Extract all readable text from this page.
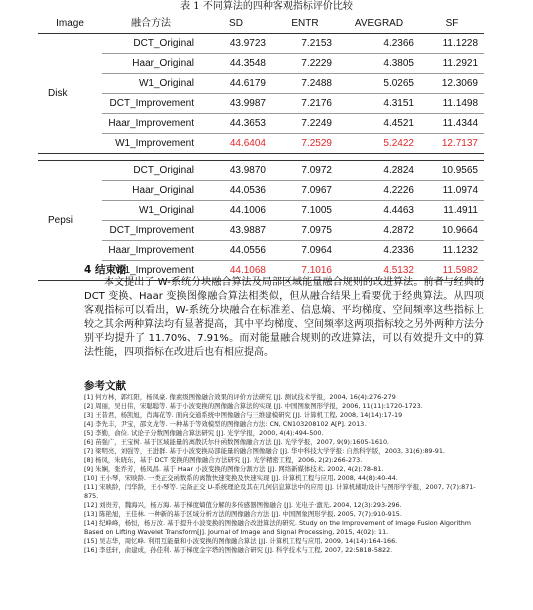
表 1 不同算法的四种客观指标评价比较
Image	融合方法	SD	ENTR	AVEGRAD	SF
Disk	DCT_Original	43.9723	7.2153	4.2366	11.1228
	Haar_Original	44.3548	7.2229	4.3805	11.2921
	W1_Original	44.6179	7.2488	5.0265	12.3069
	DCT_Improvement	43.9987	7.2176	4.3151	11.1498
	Haar_Improvement	44.3653	7.2249	4.4521	11.4344
	W1_Improvement	44.6404	7.2529	5.2422	12.7137

Pepsi	DCT_Original	43.9870	7.0972	4.2824	10.9565
	Haar_Original	44.0536	7.0967	4.2226	11.0974
	W1_Original	44.1006	7.1005	4.4463	11.4911
	DCT_Improvement	43.9887	7.0975	4.2872	10.9664
	Haar_Improvement	44.0556	7.0964	4.2336	11.1232
	W1_Improvement	44.1068	7.1016	4.5132	11.5982
4 结束语
本文提出了 W-系统分块融合算法及局部区域能量融合规则的改进算法。前者与经典的 DCT 变换、Haar 变换图像融合算法相类似，但从融合结果上看要优于经典算法。从四项客观指标可以看出，W-系统分块融合在标准差、信息熵、平均梯度、空间频率这些指标上较之其余两种算法均有显著提高，其中平均梯度、空间频率这两项指标较之另外两种方法分别平均提升了 11.70%、7.91%。而对能量融合规则的改进算法，可以有效提升文中的算法性能，四项指标在改进后也有相应提高。
参考文献
[1] 何方林，郭红阳，杨凤豪. 像素级图像融合效果的评价方法研究 [J]. 测试技术学报，2004, 16(4):276-279
[2] 周丽，吴日伟，宋聪聪等. 基于小波变换的图像融合算法的实现 [J]. 中国图象图形学报，2006, 11(11):1720-1723.
[3] 王昔君，杨凯旭，肖海花等. 面向交通系统中图像融合与三维建模研究 [J]. 计算机工程, 2008, 14(14):17-19
[4] 李先丰，尹宝，邵文龙等. 一种基于等效模型的图像融合方法: CN, CN103208102 A[P]. 2013.
[5] 李勤，俞俭. 试论子分数图像融合算法研究 [J]. 光学学报，2000, 4(4):494-500.
[6] 苗强广，王宝树. 基于区域能量的离散沃尔什函数图像融合方法 [J]. 光学学报，2007, 9(9):1605-1610.
[7] 梁明亮，刘强等，王进群. 基于小波变换局部能量的融合图像融合 [J]. 华中科技大学学报: 自然科学版，2003, 31(6):89-91.
[8] 杨凤，朱晓东，基于 DCT 变换的图像融合方法研究 [J]. 光学精密工程，2006, 2(2):266-273.
[9] 朱娴，张乔芳，杨凤昌. 基于 Haar 小波变换的图像分割方法 [J]. 网络新媒体技术, 2002, 4(2):78-81.
[10] 王小琴，宋映龄. 一类正交函数系的离散快速变换及快速实现 [J]. 计算机工程与应用, 2008, 44(8):40-44.
[11] 宋映龄，闫华龄，王小琴等. 完备正交 U-系统理论及其在几何信息算法中的应用 [J]. 计算机辅助设计与图形学学报，2007, 7(7):871-875.
[12] 刘贵芳，魏海兴，杨万海. 基于梯度熵值分解的多传感器图像融合 [J]. 光电子·激光, 2004, 12(3):293-296.
[13] 陈艳旭，王佳林. 一种新的基于区域分析方法的图像融合方法 [J]. 中国图象图形学报, 2005, 7(7):910-915.
[14] 纪峰峰，杨恒，杨万汝. 基于提升小波变换的图像融合改进算法的研究. Study on the Improvement of Image Fusion Algorithm Based on Lifting Wavelet Transform[J]. Journal of Image and Signal Processing, 2015, 4(02): 11.
[15] 吴志华，周忆峰. 利用互能量和小波变换的图像融合算法 [J]. 计算机工程与应用, 2009, 14(14):164-166.
[16] 李廷轩，俞建成，孙佳利. 基于梯度金字塔的图像融合研究 [J]. 科学技术与工程, 2007, 22:5818-5822.
